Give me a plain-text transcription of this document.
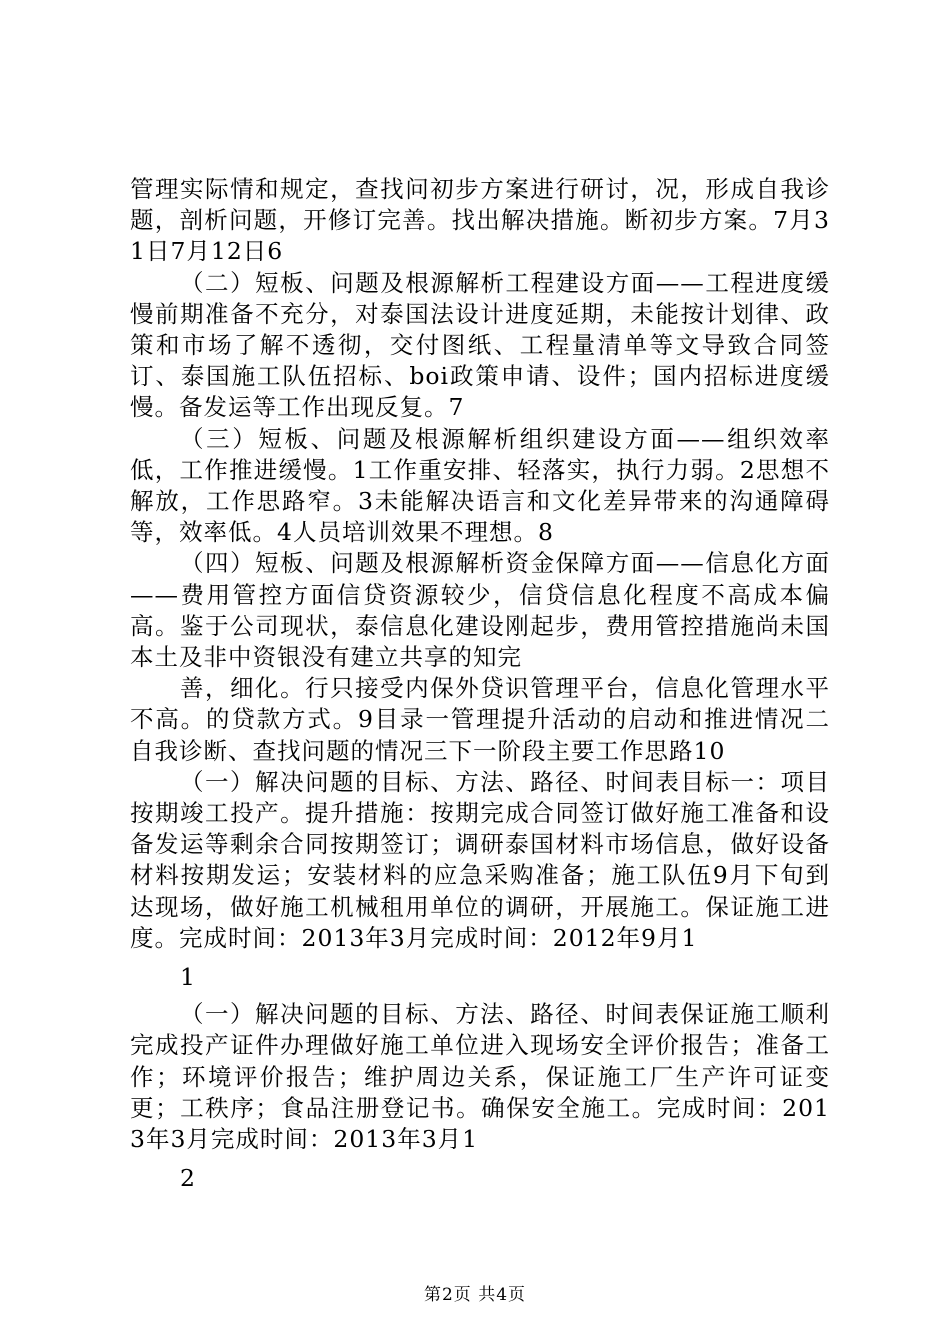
管理实际情和规定，查找问初步方案进行研讨，况，形成自我诊题，剖析问题，开修订完善。找出解决措施。断初步方案。7月31日7月12日6

（二）短板、问题及根源解析工程建设方面——工程进度缓慢前期准备不充分，对泰国法设计进度延期，未能按计划律、政策和市场了解不透彻，交付图纸、工程量清单等文导致合同签订、泰国施工队伍招标、boi政策申请、设件；国内招标进度缓慢。备发运等工作出现反复。7

（三）短板、问题及根源解析组织建设方面——组织效率低，工作推进缓慢。1工作重安排、轻落实，执行力弱。2思想不解放，工作思路窄。3未能解决语言和文化差异带来的沟通障碍等，效率低。4人员培训效果不理想。8

（四）短板、问题及根源解析资金保障方面——信息化方面——费用管控方面信贷资源较少，信贷信息化程度不高成本偏高。鉴于公司现状，泰信息化建设刚起步，费用管控措施尚未国本土及非中资银没有建立共享的知完

善，细化。行只接受内保外贷识管理平台，信息化管理水平不高。的贷款方式。9目录一管理提升活动的启动和推进情况二自我诊断、查找问题的情况三下一阶段主要工作思路10

（一）解决问题的目标、方法、路径、时间表目标一：项目按期竣工投产。提升措施：按期完成合同签订做好施工准备和设备发运等剩余合同按期签订；调研泰国材料市场信息，做好设备材料按期发运；安装材料的应急采购准备；施工队伍9月下旬到达现场，做好施工机械租用单位的调研，开展施工。保证施工进度。完成时间：2013年3月完成时间：2012年9月1

1

（一）解决问题的目标、方法、路径、时间表保证施工顺利完成投产证件办理做好施工单位进入现场安全评价报告；准备工作；环境评价报告；维护周边关系，保证施工厂生产许可证变更；工秩序；食品注册登记书。确保安全施工。完成时间：2013年3月完成时间：2013年3月1

2

第2页 共4页
